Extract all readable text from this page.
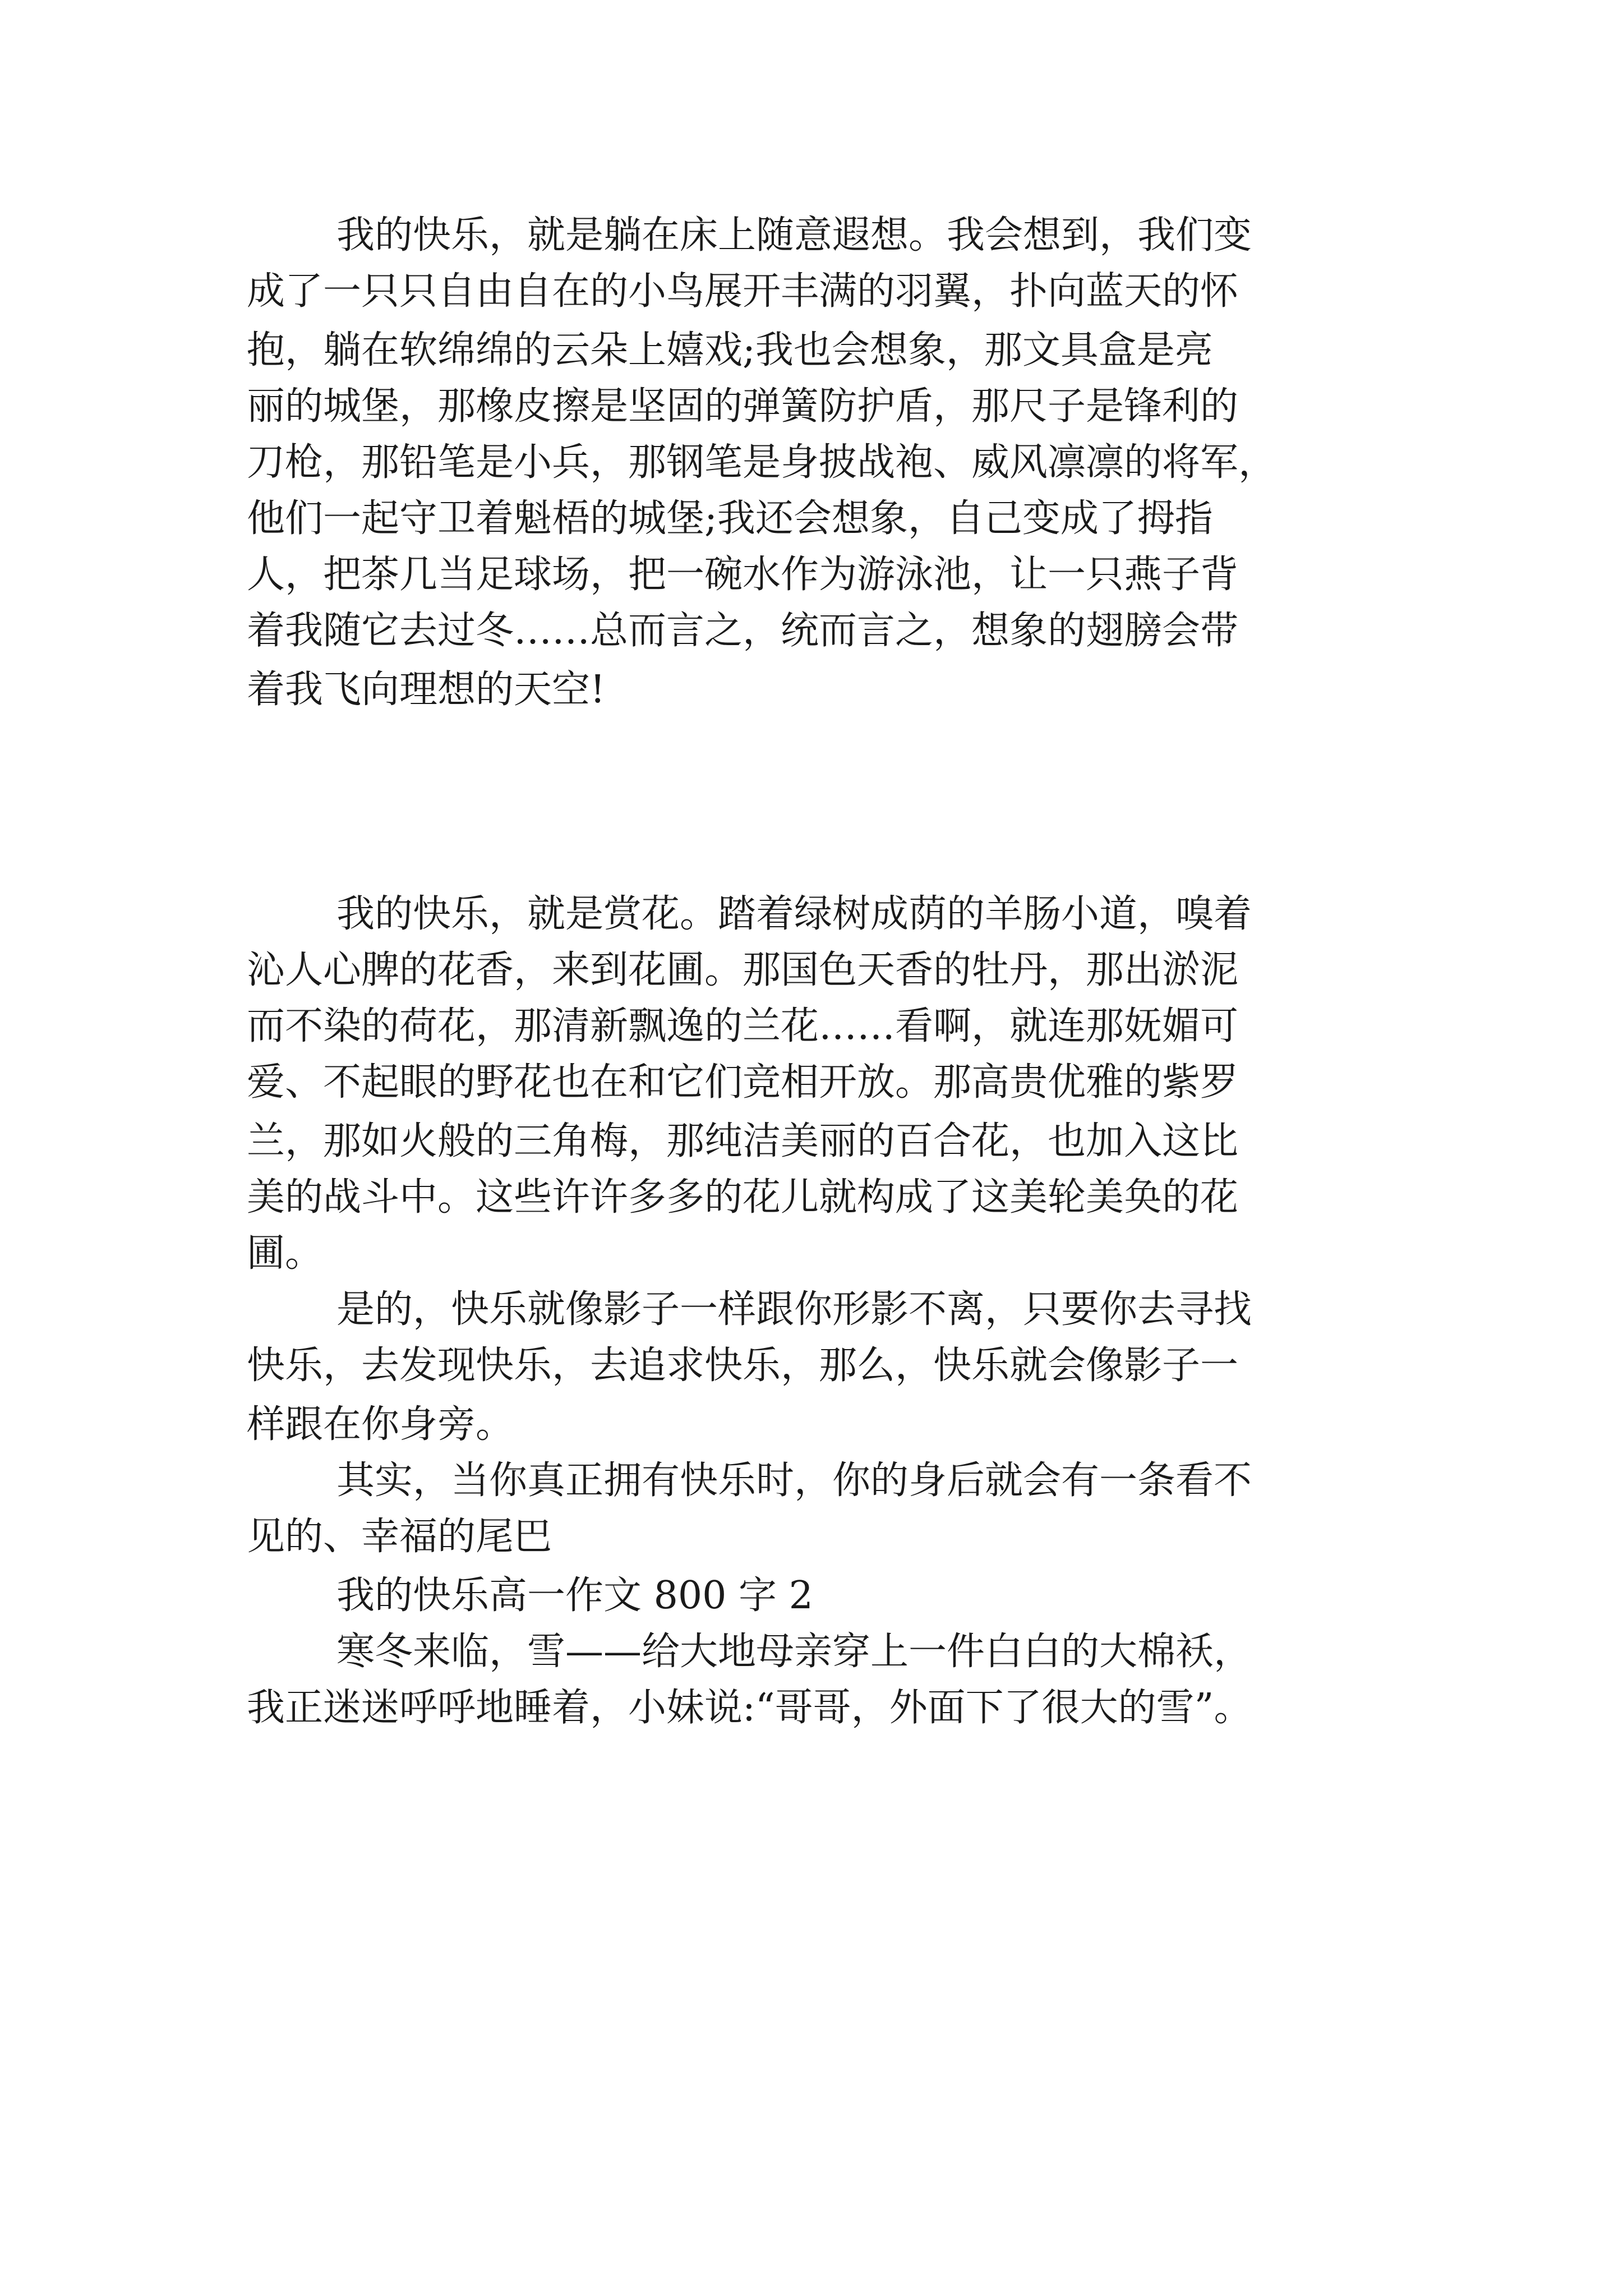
我的快乐，就是躺在床上随意遐想。我会想到，我们变
成了一只只自由自在的小鸟展开丰满的羽翼，扑向蓝天的怀
抱，躺在软绵绵的云朵上嬉戏;我也会想象，那文具盒是亮
丽的城堡，那橡皮擦是坚固的弹簧防护盾，那尺子是锋利的
刀枪，那铅笔是小兵，那钢笔是身披战袍、威风凛凛的将军，
他们一起守卫着魁梧的城堡;我还会想象，自己变成了拇指
人，把茶几当足球场，把一碗水作为游泳池，让一只燕子背
着我随它去过冬……总而言之，统而言之，想象的翅膀会带
着我飞向理想的天空!
我的快乐，就是赏花。踏着绿树成荫的羊肠小道，嗅着
沁人心脾的花香，来到花圃。那国色天香的牡丹，那出淤泥
而不染的荷花，那清新飘逸的兰花……看啊，就连那妩媚可
爱、不起眼的野花也在和它们竞相开放。那高贵优雅的紫罗
兰，那如火般的三角梅，那纯洁美丽的百合花，也加入这比
美的战斗中。这些许许多多的花儿就构成了这美轮美奂的花
圃。
是的，快乐就像影子一样跟你形影不离，只要你去寻找
快乐，去发现快乐，去追求快乐，那么，快乐就会像影子一
样跟在你身旁。
其实，当你真正拥有快乐时，你的身后就会有一条看不
见的、幸福的尾巴
我的快乐高一作文 800 字 2
寒冬来临，雪——给大地母亲穿上一件白白的大棉袄，
我正迷迷呼呼地睡着，小妹说:“哥哥，外面下了很大的雪”。
